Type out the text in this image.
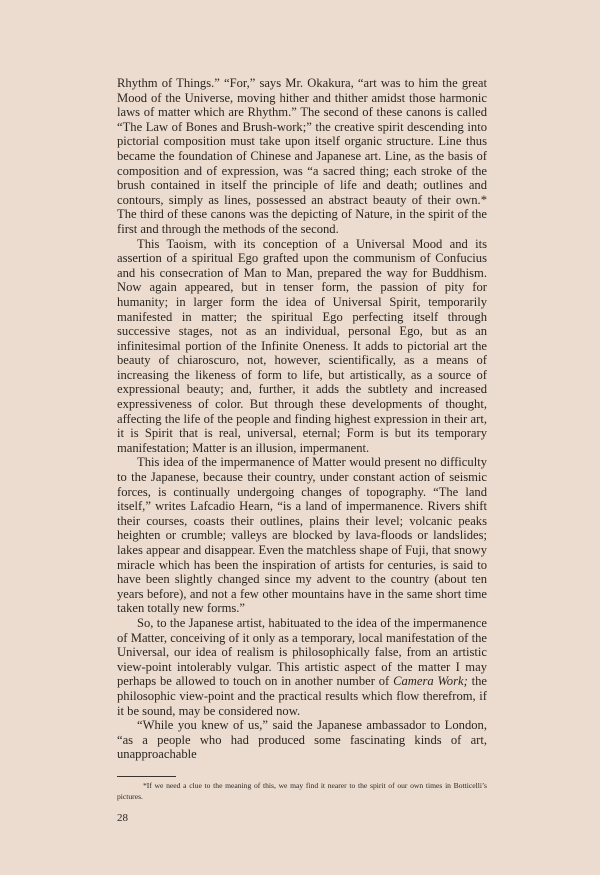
Rhythm of Things.” “For,” says Mr. Okakura, “art was to him the great Mood of the Universe, moving hither and thither amidst those harmonic laws of matter which are Rhythm.” The second of these canons is called “The Law of Bones and Brush-work;” the creative spirit descending into pictorial composition must take upon itself organic structure. Line thus became the foundation of Chinese and Japanese art. Line, as the basis of composition and of expression, was “a sacred thing; each stroke of the brush contained in itself the principle of life and death; outlines and contours, simply as lines, possessed an abstract beauty of their own.* The third of these canons was the depicting of Nature, in the spirit of the first and through the methods of the second.

This Taoism, with its conception of a Universal Mood and its assertion of a spiritual Ego grafted upon the communism of Confucius and his consecration of Man to Man, prepared the way for Buddhism. Now again appeared, but in tenser form, the passion of pity for humanity; in larger form the idea of Universal Spirit, temporarily manifested in matter; the spiritual Ego perfecting itself through successive stages, not as an individual, personal Ego, but as an infinitesimal portion of the Infinite Oneness. It adds to pictorial art the beauty of chiaroscuro, not, however, scientifically, as a means of increasing the likeness of form to life, but artistically, as a source of expressional beauty; and, further, it adds the subtlety and increased expressiveness of color. But through these developments of thought, affecting the life of the people and finding highest expression in their art, it is Spirit that is real, universal, eternal; Form is but its temporary manifestation; Matter is an illusion, impermanent.

This idea of the impermanence of Matter would present no difficulty to the Japanese, because their country, under constant action of seismic forces, is continually undergoing changes of topography. “The land itself,” writes Lafcadio Hearn, “is a land of impermanence. Rivers shift their courses, coasts their outlines, plains their level; volcanic peaks heighten or crumble; valleys are blocked by lava-floods or landslides; lakes appear and disappear. Even the matchless shape of Fuji, that snowy miracle which has been the inspiration of artists for centuries, is said to have been slightly changed since my advent to the country (about ten years before), and not a few other mountains have in the same short time taken totally new forms.”

So, to the Japanese artist, habituated to the idea of the impermanence of Matter, conceiving of it only as a temporary, local manifestation of the Universal, our idea of realism is philosophically false, from an artistic view-point intolerably vulgar. This artistic aspect of the matter I may perhaps be allowed to touch on in another number of Camera Work; the philosophic view-point and the practical results which flow therefrom, if it be sound, may be considered now.

“While you knew of us,” said the Japanese ambassador to London, “as a people who had produced some fascinating kinds of art, unapproachable

*If we need a clue to the meaning of this, we may find it nearer to the spirit of our own times in Botticelli’s pictures.
28
